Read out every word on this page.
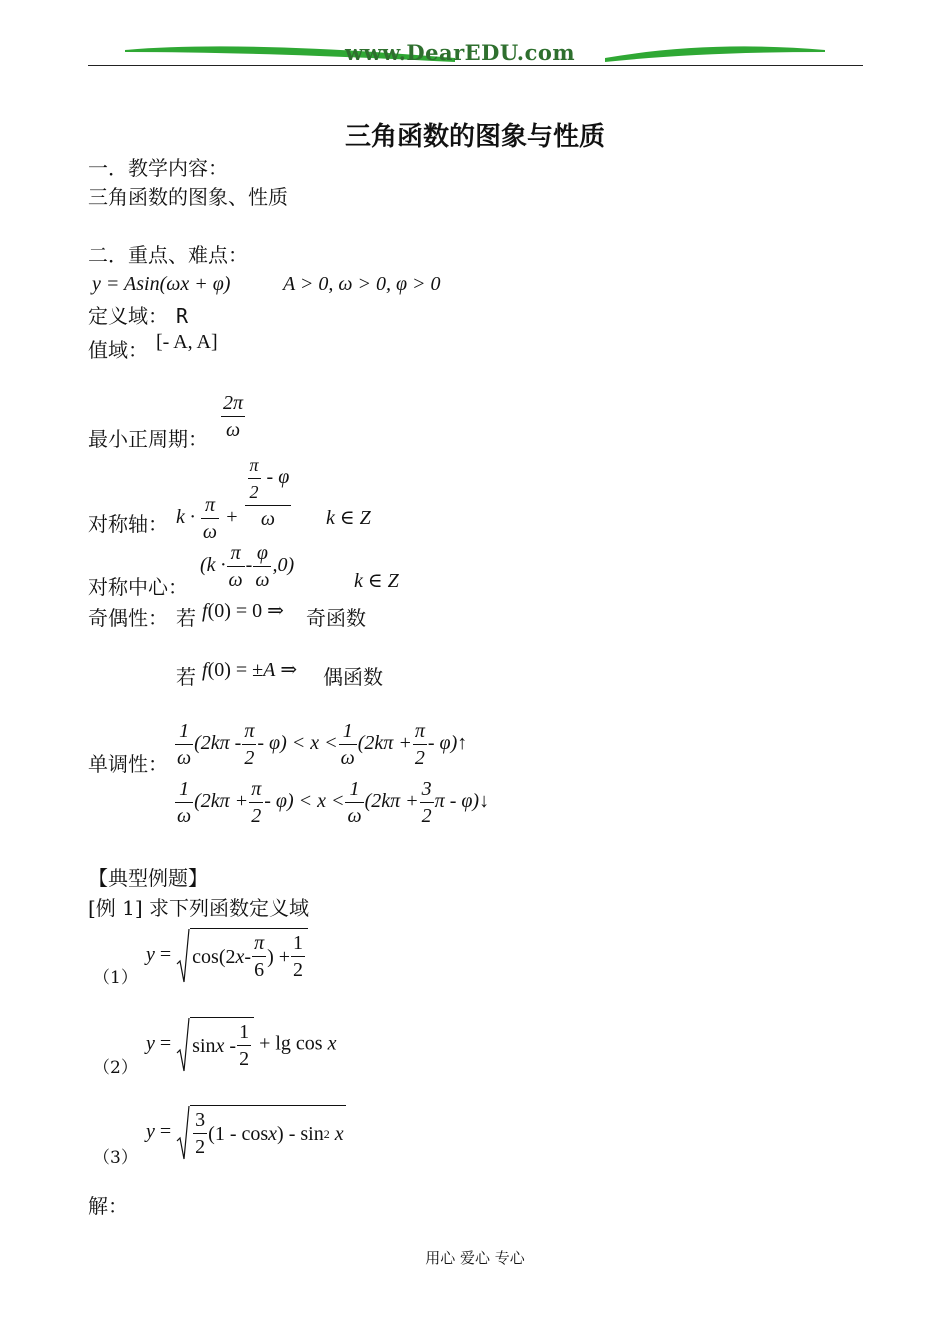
www.DearEDU.com
三角函数的图象与性质
一．教学内容：
三角函数的图象、性质
二．重点、难点：
y = Asin(ωx + φ)	A > 0, ω > 0, φ > 0
定义域： R
值域： [- A, A]
最小正周期： $\frac{2\pi}{\omega}$
对称轴： $k \cdot \frac{\pi}{\omega} + \frac{\frac{\pi}{2} - \varphi}{\omega}$ k ∈ Z
对称中心：
$(k \cdot \frac{\pi}{\omega} - \frac{\varphi}{\omega} ,0)$
k ∈ Z
奇偶性： 若 f(0) = 0 ⇒ 奇函数
若 f(0) = ±A ⇒ 偶函数
单调性： $\frac{1}{\omega} (2k\pi - \frac{\pi}{2} - \varphi) < x < \frac{1}{\omega} (2k\pi + \frac{\pi}{2}$ - φ)↑
$\frac{1}{\omega} (2k\pi + \frac{\pi}{2} - \varphi) < x < \frac{1}{\omega} (2k\pi + \frac{3}{2}$ π - φ)↓
【典型例题】
[例 1] 求下列函数定义域
（1）
y = cos(2 x - $\frac{\pi}{6}$ ) + $\frac{1}{2}$
（2）
$y = \sin x - \frac{1}{2} + \lg \cos x$
（3）
$y = \frac{3}{2} (1 - \cos x$ ) - sin 2
x
解：
用心 爱心 专心
